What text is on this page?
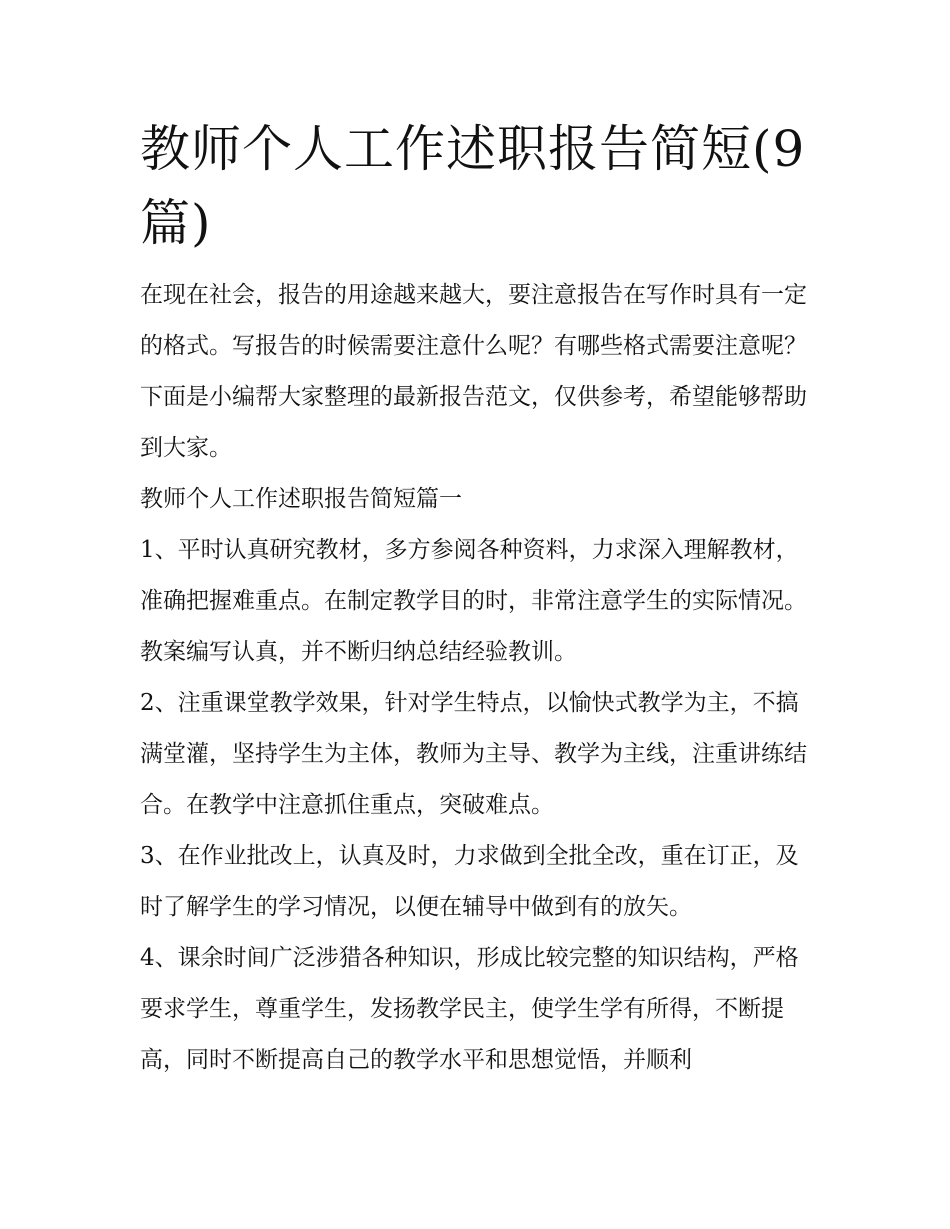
教师个人工作述职报告简短(9篇)

在现在社会，报告的用途越来越大，要注意报告在写作时具有一定的格式。写报告的时候需要注意什么呢？有哪些格式需要注意呢？下面是小编帮大家整理的最新报告范文，仅供参考，希望能够帮助到大家。

教师个人工作述职报告简短篇一

1、平时认真研究教材，多方参阅各种资料，力求深入理解教材，准确把握难重点。在制定教学目的时，非常注意学生的实际情况。教案编写认真，并不断归纳总结经验教训。

2、注重课堂教学效果，针对学生特点，以愉快式教学为主，不搞满堂灌，坚持学生为主体，教师为主导、教学为主线，注重讲练结合。在教学中注意抓住重点，突破难点。

3、在作业批改上，认真及时，力求做到全批全改，重在订正，及时了解学生的学习情况，以便在辅导中做到有的放矢。

4、课余时间广泛涉猎各种知识，形成比较完整的知识结构，严格要求学生，尊重学生，发扬教学民主，使学生学有所得，不断提高，同时不断提高自己的教学水平和思想觉悟，并顺利
